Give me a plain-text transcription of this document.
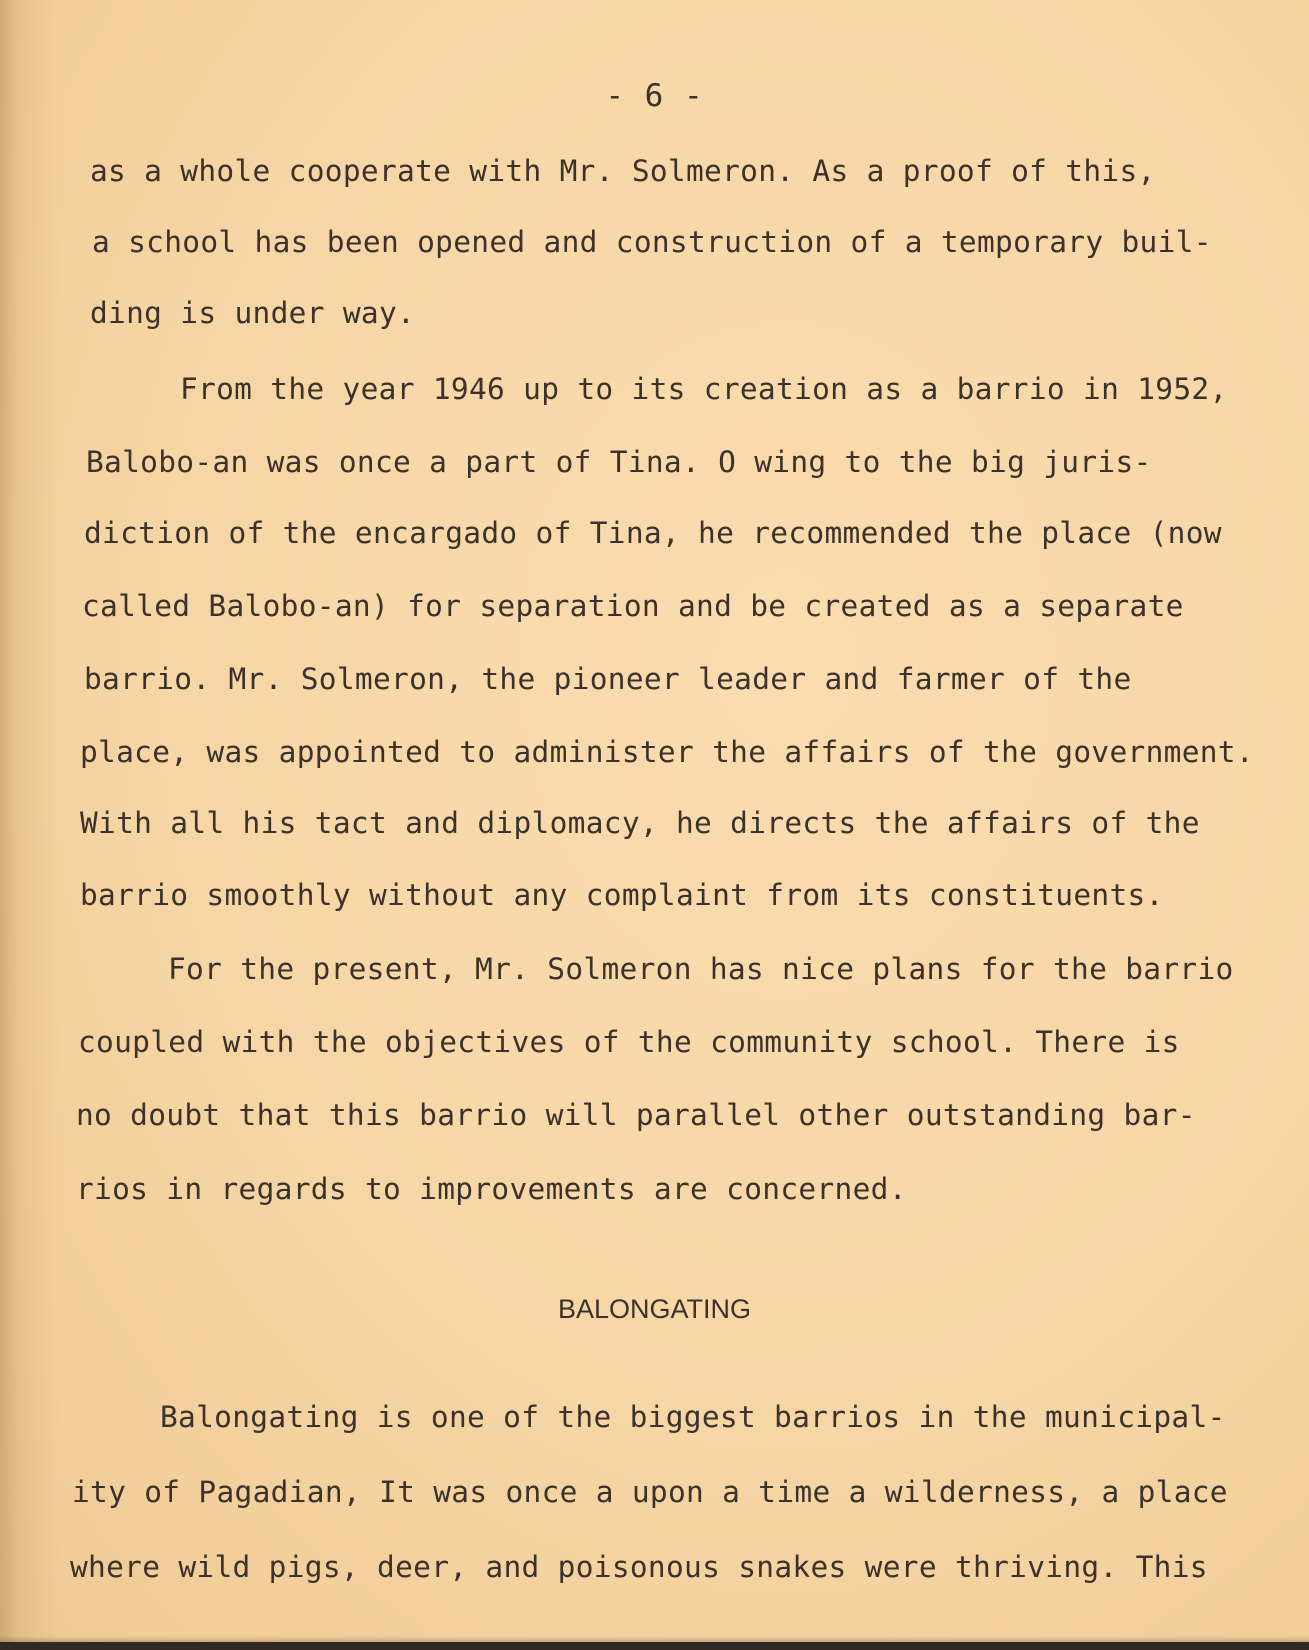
- 6 -
as a whole cooperate with Mr. Solmeron. As a proof of this,
a school has been opened and construction of a temporary buil-
ding is under way.
From the year 1946 up to its creation as a barrio in 1952,
Balobo-an was once a part of Tina. O wing to the big juris-
diction of the encargado of Tina, he recommended the place (now
called Balobo-an) for separation and be created as a separate
barrio. Mr. Solmeron, the pioneer leader and farmer of the
place, was appointed to administer the affairs of the government.
With all his tact and diplomacy, he directs the affairs of the
barrio smoothly without any complaint from its constituents.
For the present, Mr. Solmeron has nice plans for the barrio
coupled with the objectives of the community school. There is
no doubt that this barrio will parallel other outstanding bar-
rios in regards to improvements are concerned.
BALONGATING
Balongating is one of the biggest barrios in the municipal-
ity of Pagadian, It was once a upon a time a wilderness, a place
where wild pigs, deer, and poisonous snakes were thriving. This
